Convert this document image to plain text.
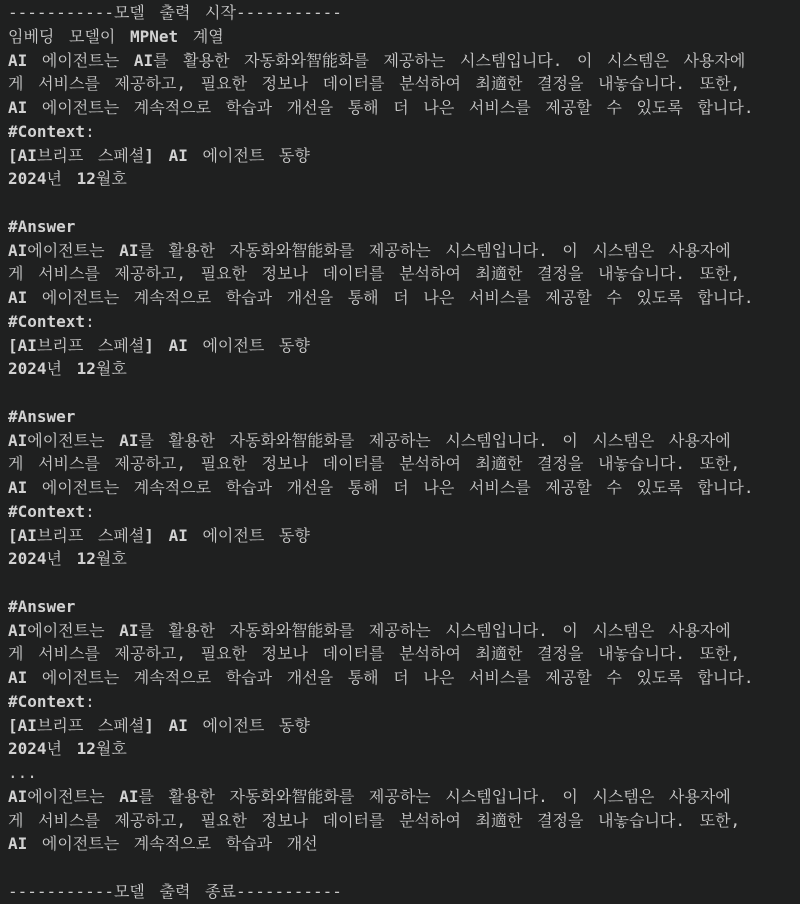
-----------모델 출력 시작-----------
임베딩 모델이 MPNet 계열
AI 에이전트는 AI를 활용한 자동화와智能화를 제공하는 시스템입니다. 이 시스템은 사용자에
게 서비스를 제공하고, 필요한 정보나 데이터를 분석하여 최適한 결정을 내놓습니다. 또한,
AI 에이전트는 계속적으로 학습과 개선을 통해 더 나은 서비스를 제공할 수 있도록 합니다.
#Context:
[AI브리프 스페셜] AI 에이전트 동향
2024년 12월호

#Answer
AI에이전트는 AI를 활용한 자동화와智能화를 제공하는 시스템입니다. 이 시스템은 사용자에
게 서비스를 제공하고, 필요한 정보나 데이터를 분석하여 최適한 결정을 내놓습니다. 또한,
AI 에이전트는 계속적으로 학습과 개선을 통해 더 나은 서비스를 제공할 수 있도록 합니다.
#Context:
[AI브리프 스페셜] AI 에이전트 동향
2024년 12월호

#Answer
AI에이전트는 AI를 활용한 자동화와智能화를 제공하는 시스템입니다. 이 시스템은 사용자에
게 서비스를 제공하고, 필요한 정보나 데이터를 분석하여 최適한 결정을 내놓습니다. 또한,
AI 에이전트는 계속적으로 학습과 개선을 통해 더 나은 서비스를 제공할 수 있도록 합니다.
#Context:
[AI브리프 스페셜] AI 에이전트 동향
2024년 12월호

#Answer
AI에이전트는 AI를 활용한 자동화와智能화를 제공하는 시스템입니다. 이 시스템은 사용자에
게 서비스를 제공하고, 필요한 정보나 데이터를 분석하여 최適한 결정을 내놓습니다. 또한,
AI 에이전트는 계속적으로 학습과 개선을 통해 더 나은 서비스를 제공할 수 있도록 합니다.
#Context:
[AI브리프 스페셜] AI 에이전트 동향
2024년 12월호
...
AI에이전트는 AI를 활용한 자동화와智能화를 제공하는 시스템입니다. 이 시스템은 사용자에
게 서비스를 제공하고, 필요한 정보나 데이터를 분석하여 최適한 결정을 내놓습니다. 또한,
AI 에이전트는 계속적으로 학습과 개선

-----------모델 출력 종료-----------
